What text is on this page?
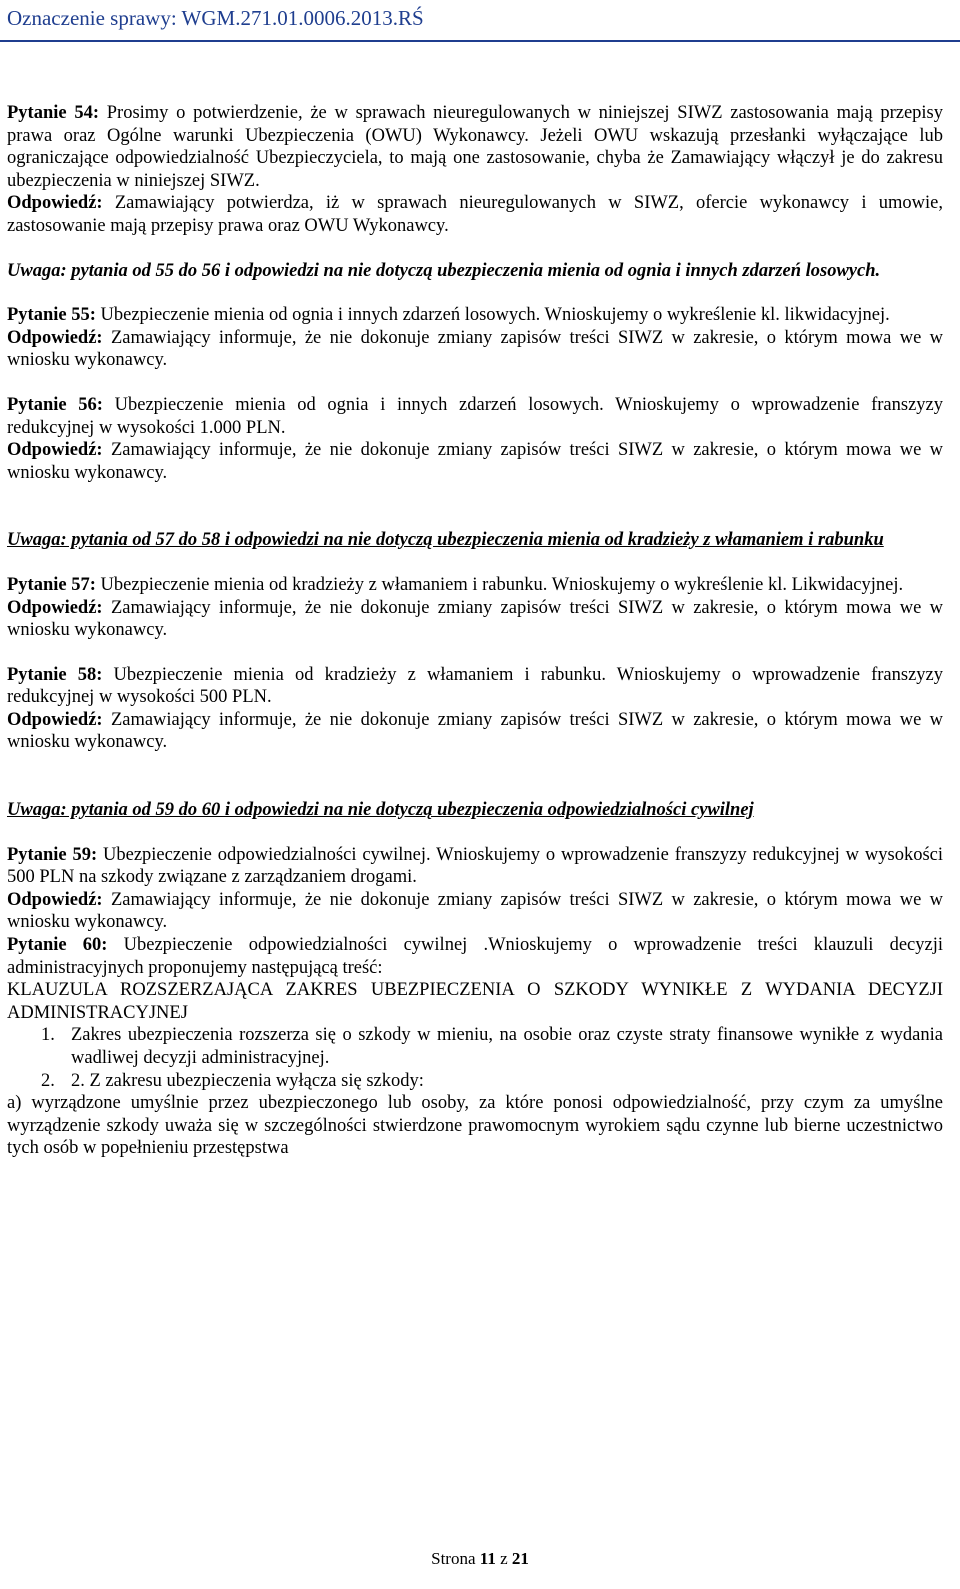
Oznaczenie sprawy: WGM.271.01.0006.2013.RŚ

Pytanie 54: Prosimy o potwierdzenie, że w sprawach nieuregulowanych w niniejszej SIWZ zastosowania mają przepisy prawa oraz Ogólne warunki Ubezpieczenia (OWU) Wykonawcy. Jeżeli OWU wskazują przesłanki wyłączające lub ograniczające odpowiedzialność Ubezpieczyciela, to mają one zastosowanie, chyba że Zamawiający włączył je do zakresu ubezpieczenia w niniejszej SIWZ.

Odpowiedź: Zamawiający potwierdza, iż w sprawach nieuregulowanych w SIWZ, ofercie wykonawcy i umowie, zastosowanie mają przepisy prawa oraz OWU Wykonawcy.

Uwaga: pytania od 55 do 56 i odpowiedzi na nie dotyczą ubezpieczenia mienia od ognia i innych zdarzeń losowych.

Pytanie 55: Ubezpieczenie mienia od ognia i innych zdarzeń losowych. Wnioskujemy o wykreślenie kl. likwidacyjnej.

Odpowiedź: Zamawiający informuje, że nie dokonuje zmiany zapisów treści SIWZ w zakresie, o którym mowa we w wniosku wykonawcy.

Pytanie 56: Ubezpieczenie mienia od ognia i innych zdarzeń losowych. Wnioskujemy o wprowadzenie franszyzy redukcyjnej w wysokości 1.000 PLN.

Odpowiedź: Zamawiający informuje, że nie dokonuje zmiany zapisów treści SIWZ w zakresie, o którym mowa we w wniosku wykonawcy.

Uwaga: pytania od 57 do 58 i odpowiedzi na nie dotyczą ubezpieczenia mienia od kradzieży z włamaniem i rabunku

Pytanie 57: Ubezpieczenie mienia od kradzieży z włamaniem i rabunku. Wnioskujemy o wykreślenie kl. Likwidacyjnej.

Odpowiedź: Zamawiający informuje, że nie dokonuje zmiany zapisów treści SIWZ w zakresie, o którym mowa we w wniosku wykonawcy.

Pytanie 58: Ubezpieczenie mienia od kradzieży z włamaniem i rabunku. Wnioskujemy o wprowadzenie franszyzy redukcyjnej w wysokości 500 PLN.

Odpowiedź: Zamawiający informuje, że nie dokonuje zmiany zapisów treści SIWZ w zakresie, o którym mowa we w wniosku wykonawcy.

Uwaga: pytania od 59 do 60 i odpowiedzi na nie dotyczą ubezpieczenia odpowiedzialności cywilnej

Pytanie 59: Ubezpieczenie odpowiedzialności cywilnej. Wnioskujemy o wprowadzenie franszyzy redukcyjnej w wysokości 500 PLN na szkody związane z zarządzaniem drogami.

Odpowiedź: Zamawiający informuje, że nie dokonuje zmiany zapisów treści SIWZ w zakresie, o którym mowa we w wniosku wykonawcy.

Pytanie 60: Ubezpieczenie odpowiedzialności cywilnej .Wnioskujemy o wprowadzenie treści klauzuli decyzji administracyjnych proponujemy następującą treść:

KLAUZULA ROZSZERZAJĄCA ZAKRES UBEZPIECZENIA O SZKODY WYNIKŁE Z WYDANIA DECYZJI ADMINISTRACYJNEJ

1. Zakres ubezpieczenia rozszerza się o szkody w mieniu, na osobie oraz czyste straty finansowe wynikłe z wydania wadliwej decyzji administracyjnej.
2. 2. Z zakresu ubezpieczenia wyłącza się szkody:

a) wyrządzone umyślnie przez ubezpieczonego lub osoby, za które ponosi odpowiedzialność, przy czym za umyślne wyrządzenie szkody uważa się w szczególności stwierdzone prawomocnym wyrokiem sądu czynne lub bierne uczestnictwo tych osób w popełnieniu przestępstwa

Strona 11 z 21
